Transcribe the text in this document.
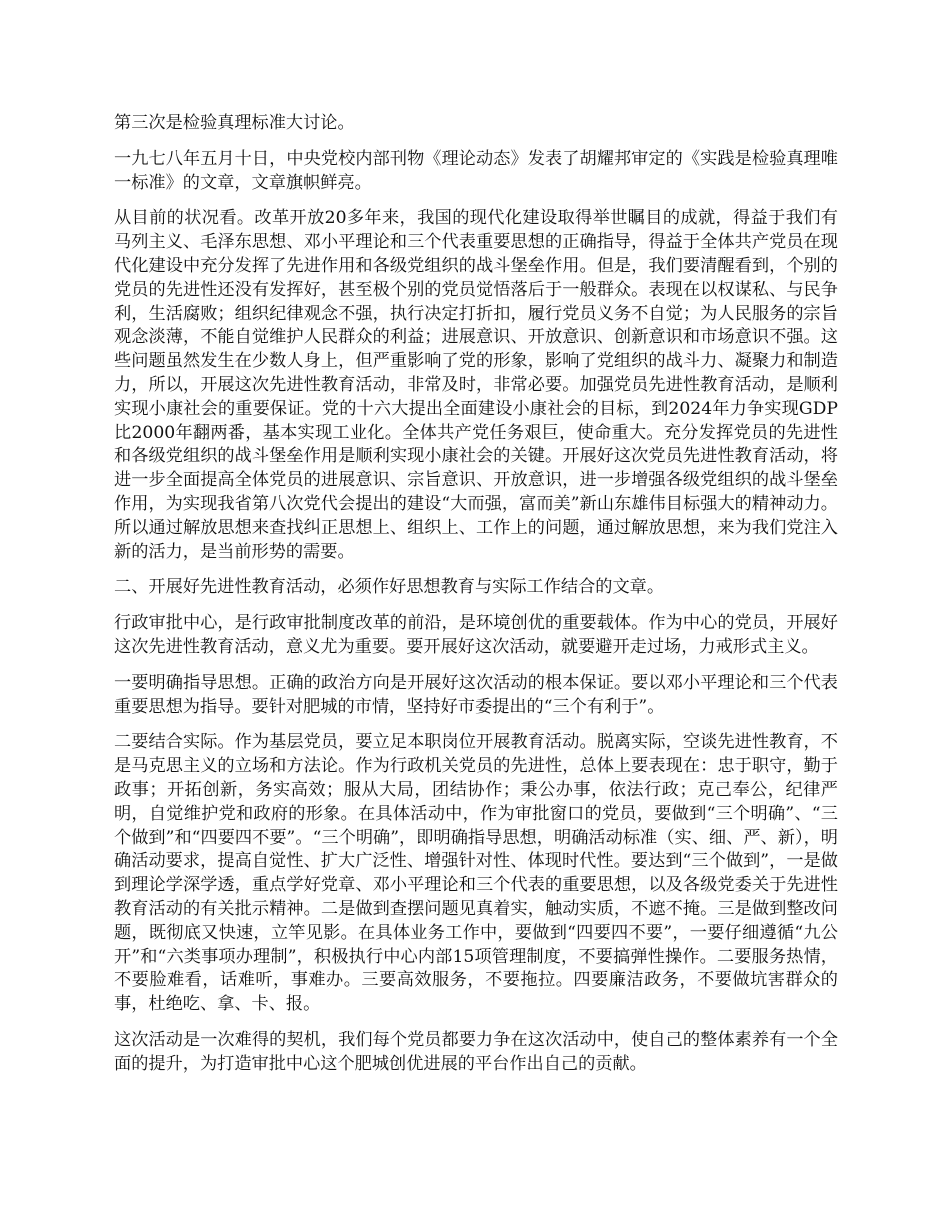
第三次是检验真理标准大讨论。

一九七八年五月十日，中央党校内部刊物《理论动态》发表了胡耀邦审定的《实践是检验真理唯一标准》的文章，文章旗帜鲜亮。

从目前的状况看。改革开放20多年来，我国的现代化建设取得举世瞩目的成就，得益于我们有马列主义、毛泽东思想、邓小平理论和三个代表重要思想的正确指导，得益于全体共产党员在现代化建设中充分发挥了先进作用和各级党组织的战斗堡垒作用。但是，我们要清醒看到，个别的党员的先进性还没有发挥好，甚至极个别的党员觉悟落后于一般群众。表现在以权谋私、与民争利，生活腐败；组织纪律观念不强，执行决定打折扣，履行党员义务不自觉；为人民服务的宗旨观念淡薄，不能自觉维护人民群众的利益；进展意识、开放意识、创新意识和市场意识不强。这些问题虽然发生在少数人身上，但严重影响了党的形象，影响了党组织的战斗力、凝聚力和制造力，所以，开展这次先进性教育活动，非常及时，非常必要。加强党员先进性教育活动，是顺利实现小康社会的重要保证。党的十六大提出全面建设小康社会的目标，到2024年力争实现GDP比2000年翻两番，基本实现工业化。全体共产党任务艰巨，使命重大。充分发挥党员的先进性和各级党组织的战斗堡垒作用是顺利实现小康社会的关键。开展好这次党员先进性教育活动，将进一步全面提高全体党员的进展意识、宗旨意识、开放意识，进一步增强各级党组织的战斗堡垒作用，为实现我省第八次党代会提出的建设“大而强，富而美”新山东雄伟目标强大的精神动力。所以通过解放思想来查找纠正思想上、组织上、工作上的问题，通过解放思想，来为我们党注入新的活力，是当前形势的需要。

二、开展好先进性教育活动，必须作好思想教育与实际工作结合的文章。

行政审批中心，是行政审批制度改革的前沿，是环境创优的重要载体。作为中心的党员，开展好这次先进性教育活动，意义尤为重要。要开展好这次活动，就要避开走过场，力戒形式主义。

一要明确指导思想。正确的政治方向是开展好这次活动的根本保证。要以邓小平理论和三个代表重要思想为指导。要针对肥城的市情，坚持好市委提出的“三个有利于”。

二要结合实际。作为基层党员，要立足本职岗位开展教育活动。脱离实际，空谈先进性教育，不是马克思主义的立场和方法论。作为行政机关党员的先进性，总体上要表现在：忠于职守，勤于政事；开拓创新，务实高效；服从大局，团结协作；秉公办事，依法行政；克己奉公，纪律严明，自觉维护党和政府的形象。在具体活动中，作为审批窗口的党员，要做到“三个明确”、“三个做到”和“四要四不要”。“三个明确”，即明确指导思想，明确活动标准（实、细、严、新），明确活动要求，提高自觉性、扩大广泛性、增强针对性、体现时代性。要达到“三个做到”，一是做到理论学深学透，重点学好党章、邓小平理论和三个代表的重要思想，以及各级党委关于先进性教育活动的有关批示精神。二是做到查摆问题见真着实，触动实质，不遮不掩。三是做到整改问题，既彻底又快速，立竿见影。在具体业务工作中，要做到“四要四不要”，一要仔细遵循“九公开”和“六类事项办理制”，积极执行中心内部15项管理制度，不要搞弹性操作。二要服务热情，不要脸难看，话难听，事难办。三要高效服务，不要拖拉。四要廉洁政务，不要做坑害群众的事，杜绝吃、拿、卡、报。

这次活动是一次难得的契机，我们每个党员都要力争在这次活动中，使自己的整体素养有一个全面的提升，为打造审批中心这个肥城创优进展的平台作出自己的贡献。
